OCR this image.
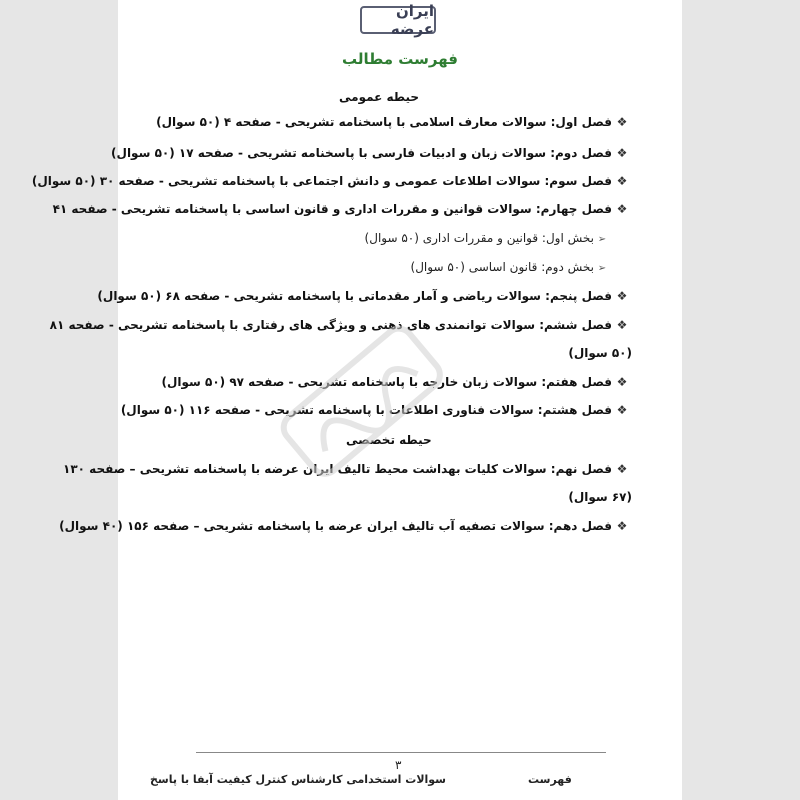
ایران عرضه
فهرست مطالب
حیطه عمومی
❖فصل اول: سوالات معارف اسلامی با پاسخنامه تشریحی - صفحه ۴ (۵۰ سوال)
❖فصل دوم: سوالات زبان و ادبیات فارسی با پاسخنامه تشریحی - صفحه ۱۷ (۵۰ سوال)
❖فصل سوم: سوالات اطلاعات عمومی و دانش اجتماعی با پاسخنامه تشریحی - صفحه ۳۰ (۵۰ سوال)
❖فصل چهارم: سوالات قوانین و مقررات اداری و قانون اساسی با پاسخنامه تشریحی - صفحه ۴۱
➢بخش اول: قوانین و مقررات اداری (۵۰ سوال)
➢بخش دوم: قانون اساسی (۵۰ سوال)
❖فصل پنجم: سوالات ریاضی و آمار مقدماتی با پاسخنامه تشریحی - صفحه ۶۸ (۵۰ سوال)
❖فصل ششم: سوالات توانمندی های ذهنی و ویژگی های رفتاری با پاسخنامه تشریحی - صفحه ۸۱
(۵۰ سوال)
❖فصل هفتم: سوالات زبان خارجه با پاسخنامه تشریحی - صفحه ۹۷ (۵۰ سوال)
❖فصل هشتم: سوالات فناوری اطلاعات با پاسخنامه تشریحی - صفحه ۱۱۶ (۵۰ سوال)
حیطه تخصصی
❖فصل نهم: سوالات کلیات بهداشت محیط تالیف ایران عرضه با پاسخنامه تشریحی – صفحه ۱۳۰
(۶۷ سوال)
❖فصل دهم: سوالات تصفیه آب تالیف ایران عرضه با پاسخنامه تشریحی – صفحه ۱۵۶ (۴۰ سوال)
۳
سوالات استخدامی کارشناس کنترل کیفیت آبفا با پاسخ	فهرست
